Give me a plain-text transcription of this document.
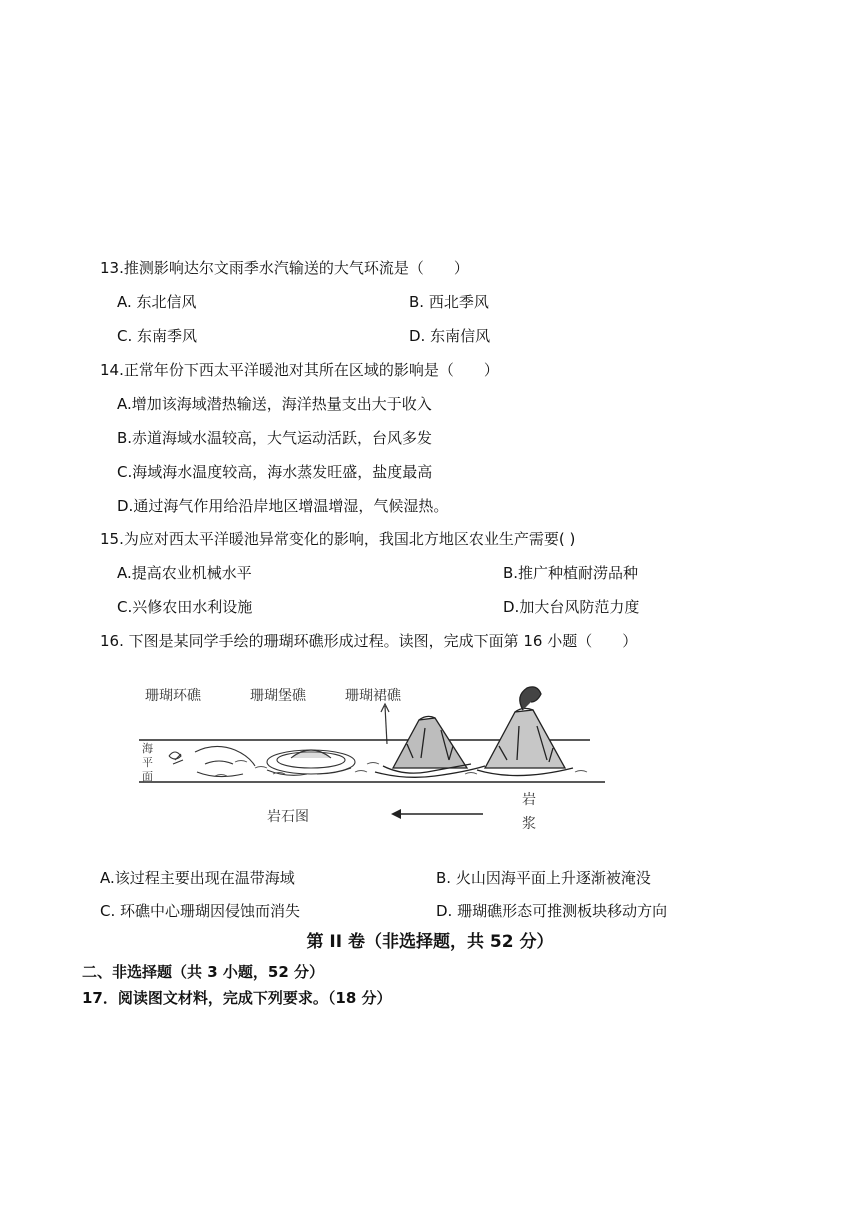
13.推测影响达尔文雨季水汽输送的大气环流是（　　）
A. 东北信风	B. 西北季风
C. 东南季风	D. 东南信风
14.正常年份下西太平洋暖池对其所在区域的影响是（　　）
A.增加该海域潜热输送，海洋热量支出大于收入
B.赤道海域水温较高，大气运动活跃，台风多发
C.海域海水温度较高，海水蒸发旺盛，盐度最高
D.通过海气作用给沿岸地区增温增湿，气候湿热。
15.为应对西太平洋暖池异常变化的影响，我国北方地区农业生产需要( )
A.提高农业机械水平	B.推广种植耐涝品种
C.兴修农田水利设施	D.加大台风防范力度
16. 下图是某同学手绘的珊瑚环礁形成过程。读图，完成下面第 16 小题（　　）
珊瑚环礁	珊瑚堡礁	珊瑚裙礁
海
平
面
岩石图
岩
浆
A.该过程主要出现在温带海域	B. 火山因海平面上升逐渐被淹没
C. 环礁中心珊瑚因侵蚀而消失	D. 珊瑚礁形态可推测板块移动方向
第 II 卷（非选择题，共 52 分）
二、非选择题（共 3 小题，52 分）
17．阅读图文材料，完成下列要求。（18 分）
